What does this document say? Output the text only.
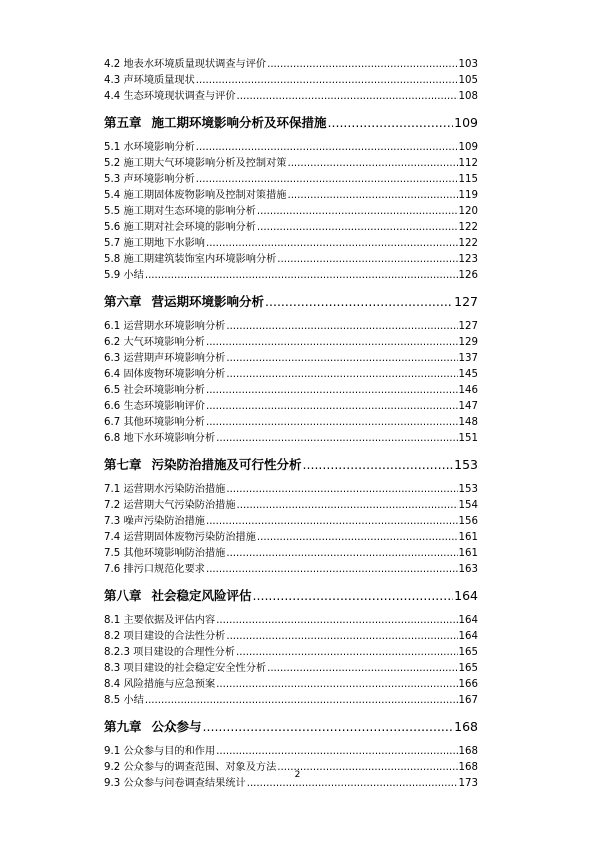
4.2 地表水环境质量现状调查与评价 .....	103
4.3 声环境质量现状 .....	105
4.4 生态环境现状调查与评价 .....	108
第五章 施工期环境影响分析及环保措施 .....	109
5.1 水环境影响分析 .....	109
5.2 施工期大气环境影响分析及控制对策 .....	112
5.3 声环境影响分析 .....	115
5.4 施工期固体废物影响及控制对策措施 .....	119
5.5 施工期对生态环境的影响分析 .....	120
5.6 施工期对社会环境的影响分析 .....	122
5.7 施工期地下水影响 .....	122
5.8 施工期建筑装饰室内环境影响分析 .....	123
5.9 小结 .....	126
第六章 营运期环境影响分析 .....	127
6.1 运营期水环境影响分析 .....	127
6.2 大气环境影响分析 .....	129
6.3 运营期声环境影响分析 .....	137
6.4 固体废物环境影响分析 .....	145
6.5 社会环境影响分析 .....	146
6.6 生态环境影响评价 .....	147
6.7 其他环境影响分析 .....	148
6.8 地下水环境影响分析 .....	151
第七章 污染防治措施及可行性分析 .....	153
7.1 运营期水污染防治措施 .....	153
7.2 运营期大气污染防治措施 .....	154
7.3 噪声污染防治措施 .....	156
7.4 运营期固体废物污染防治措施 .....	161
7.5 其他环境影响防治措施 .....	161
7.6 排污口规范化要求 .....	163
第八章 社会稳定风险评估 .....	164
8.1 主要依据及评估内容 .....	164
8.2 项目建设的合法性分析 .....	164
8.2.3 项目建设的合理性分析 .....	165
8.3 项目建设的社会稳定安全性分析 .....	165
8.4 风险措施与应急预案 .....	166
8.5 小结 .....	167
第九章 公众参与 .....	168
9.1 公众参与目的和作用 .....	168
9.2 公众参与的调查范围、对象及方法 .....	168
9.3 公众参与问卷调查结果统计 .....	173
2
